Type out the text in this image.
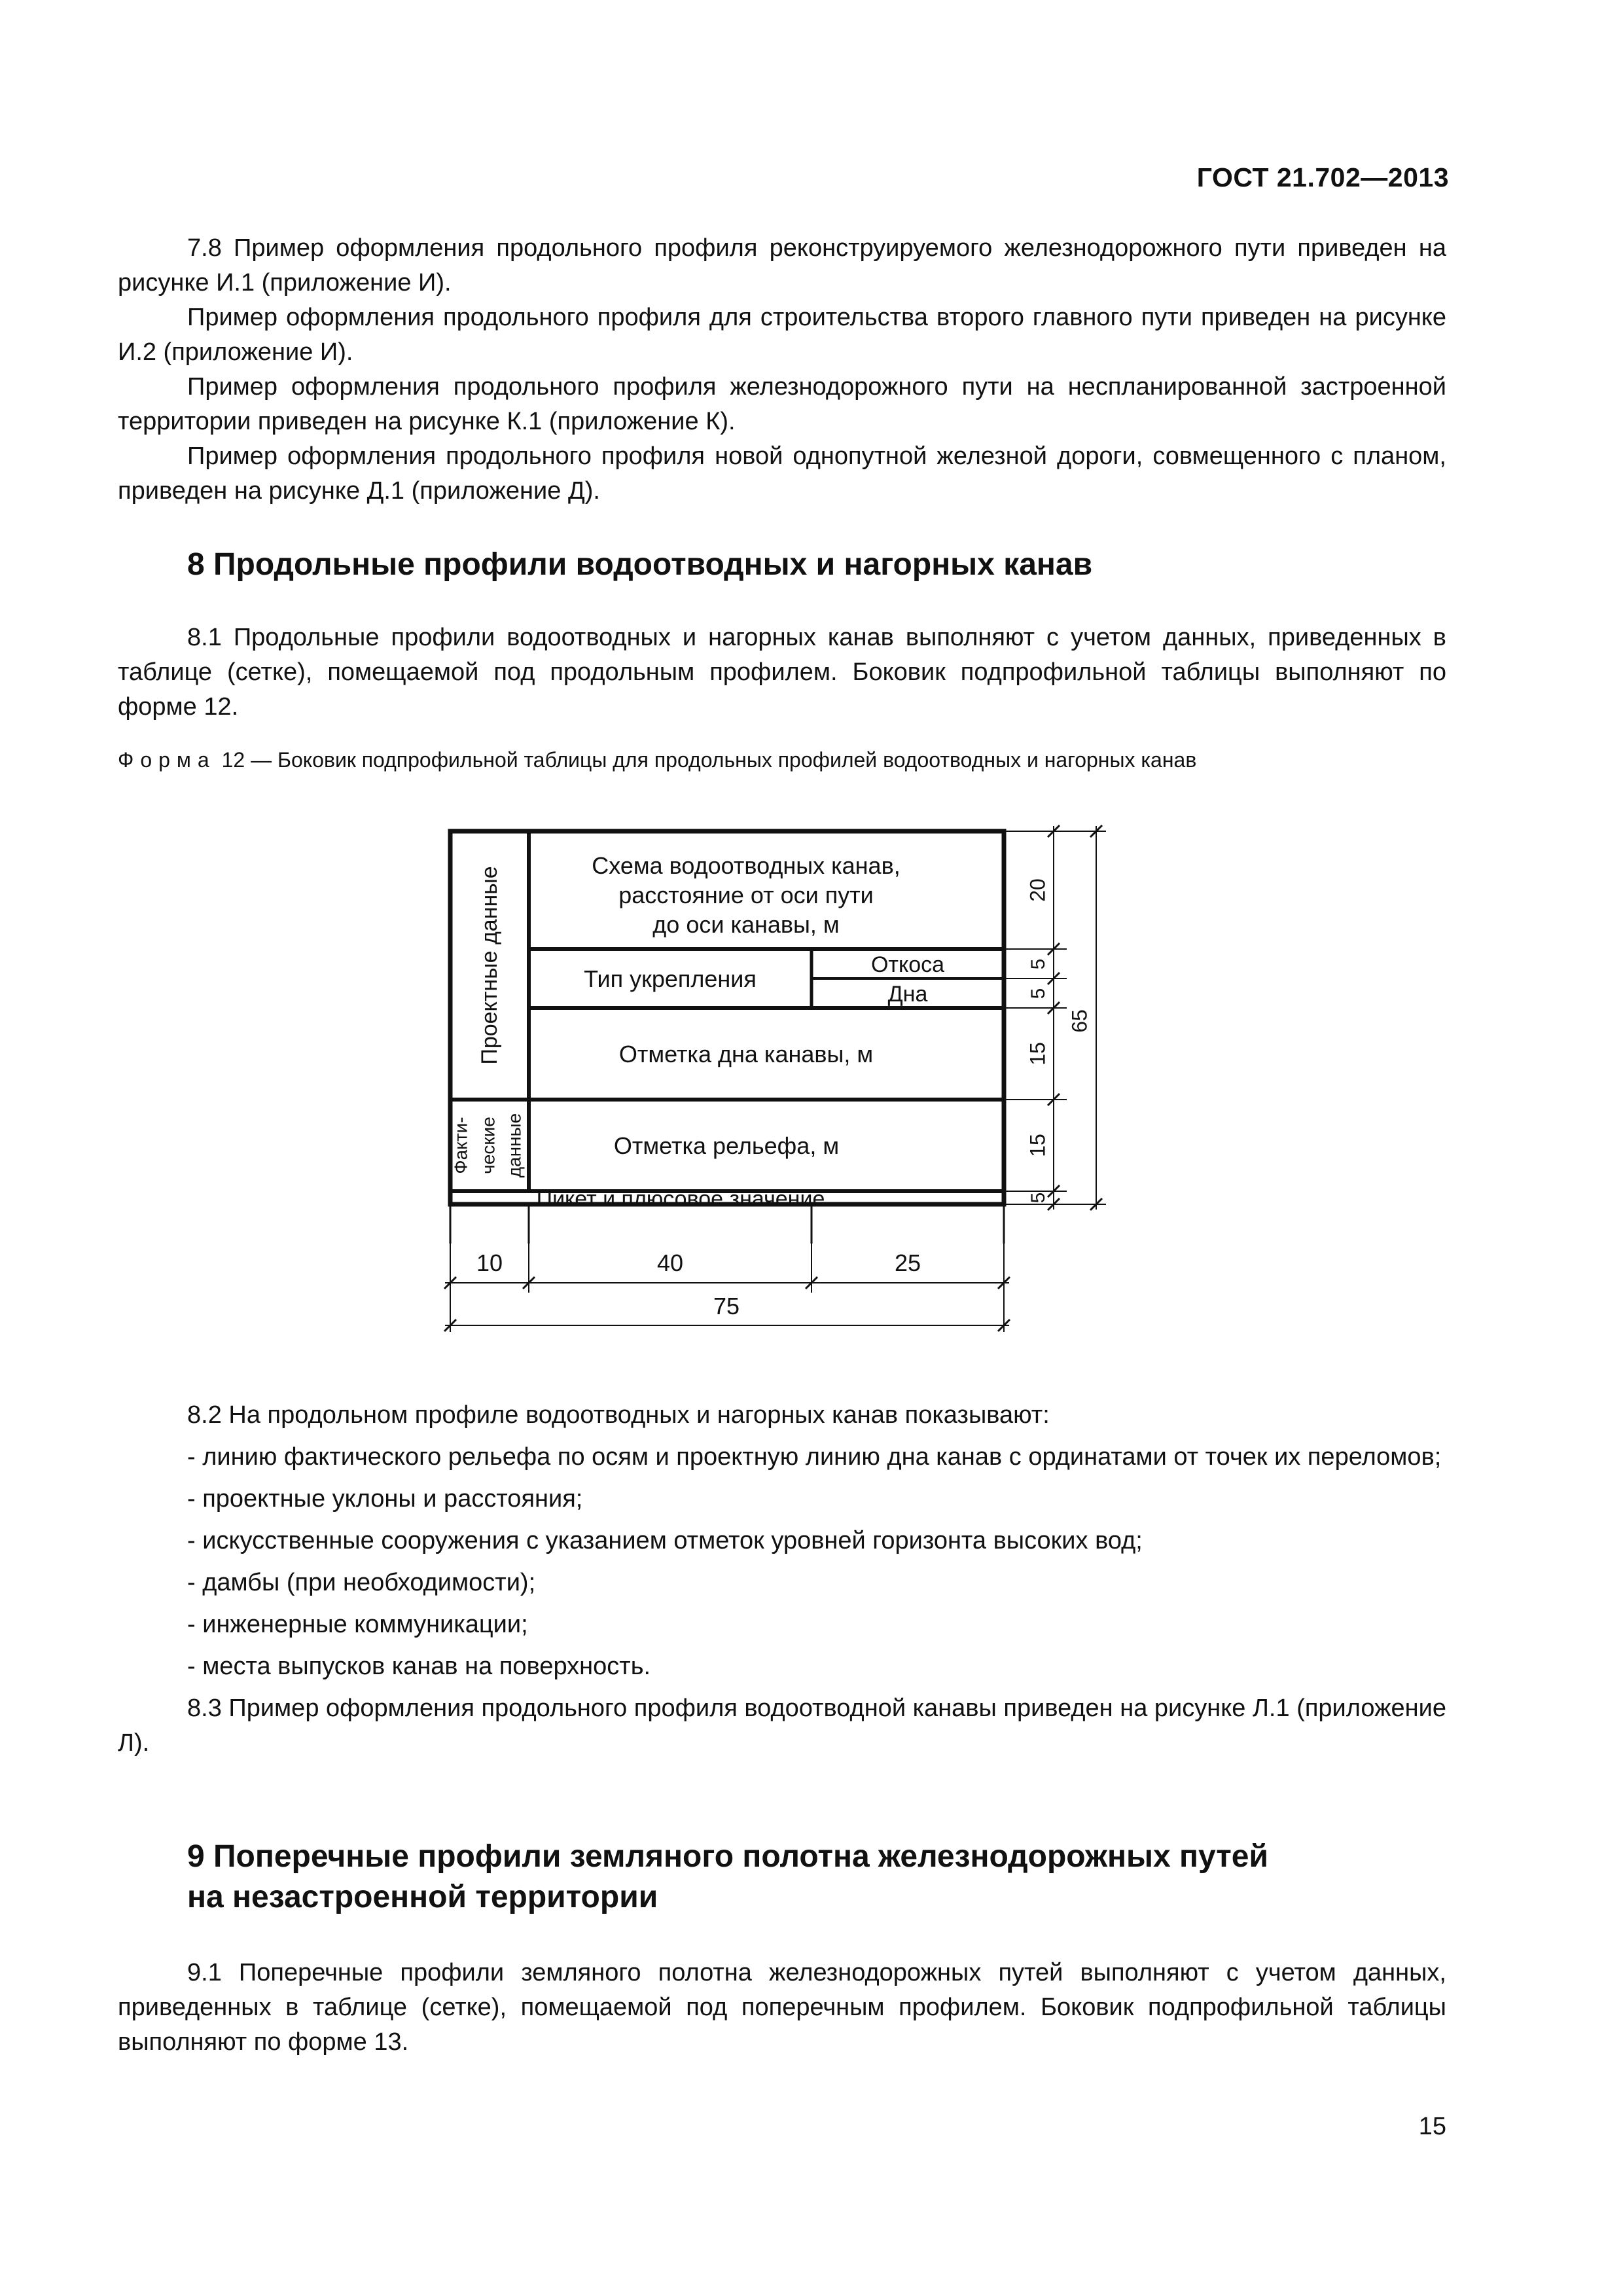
ГОСТ 21.702—2013

7.8 Пример оформления продольного профиля реконструируемого железнодорожного пути приведен на рисунке И.1 (приложение И).

Пример оформления продольного профиля для строительства второго главного пути приведен на рисунке И.2 (приложение И).

Пример оформления продольного профиля железнодорожного пути на неспланированной застроенной территории приведен на рисунке К.1 (приложение К).

Пример оформления продольного профиля новой однопутной железной дороги, совмещенного с планом, приведен на рисунке Д.1 (приложение Д).

8 Продольные профили водоотводных и нагорных канав

8.1 Продольные профили водоотводных и нагорных канав выполняют с учетом данных, приведенных в таблице (сетке), помещаемой под продольным профилем. Боковик подпрофильной таблицы выполняют по форме 12.

Форма 12 — Боковик подпрофильной таблицы для продольных профилей водоотводных и нагорных канав
Проектные данные
Факти- ческие данные
Схема водоотводных канав,
расстояние от оси пути
до оси канавы, м
Тип укрепления
Откоса
Дна
Отметка дна канавы, м
Отметка рельефа, м
Пикет и плюсовое значение
20
5
5
15
15
5
65
10	40	25
75

8.2 На продольном профиле водоотводных и нагорных канав показывают:

- линию фактического рельефа по осям и проектную линию дна канав с ординатами от точек их переломов;

- проектные уклоны и расстояния;

- искусственные сооружения с указанием отметок уровней горизонта высоких вод;

- дамбы (при необходимости);

- инженерные коммуникации;

- места выпусков канав на поверхность.

8.3 Пример оформления продольного профиля водоотводной канавы приведен на рисунке Л.1 (приложение Л).

9 Поперечные профили земляного полотна железнодорожных путей
на незастроенной территории

9.1 Поперечные профили земляного полотна железнодорожных путей выполняют с учетом данных, приведенных в таблице (сетке), помещаемой под поперечным профилем. Боковик подпрофильной таблицы выполняют по форме 13.

15
